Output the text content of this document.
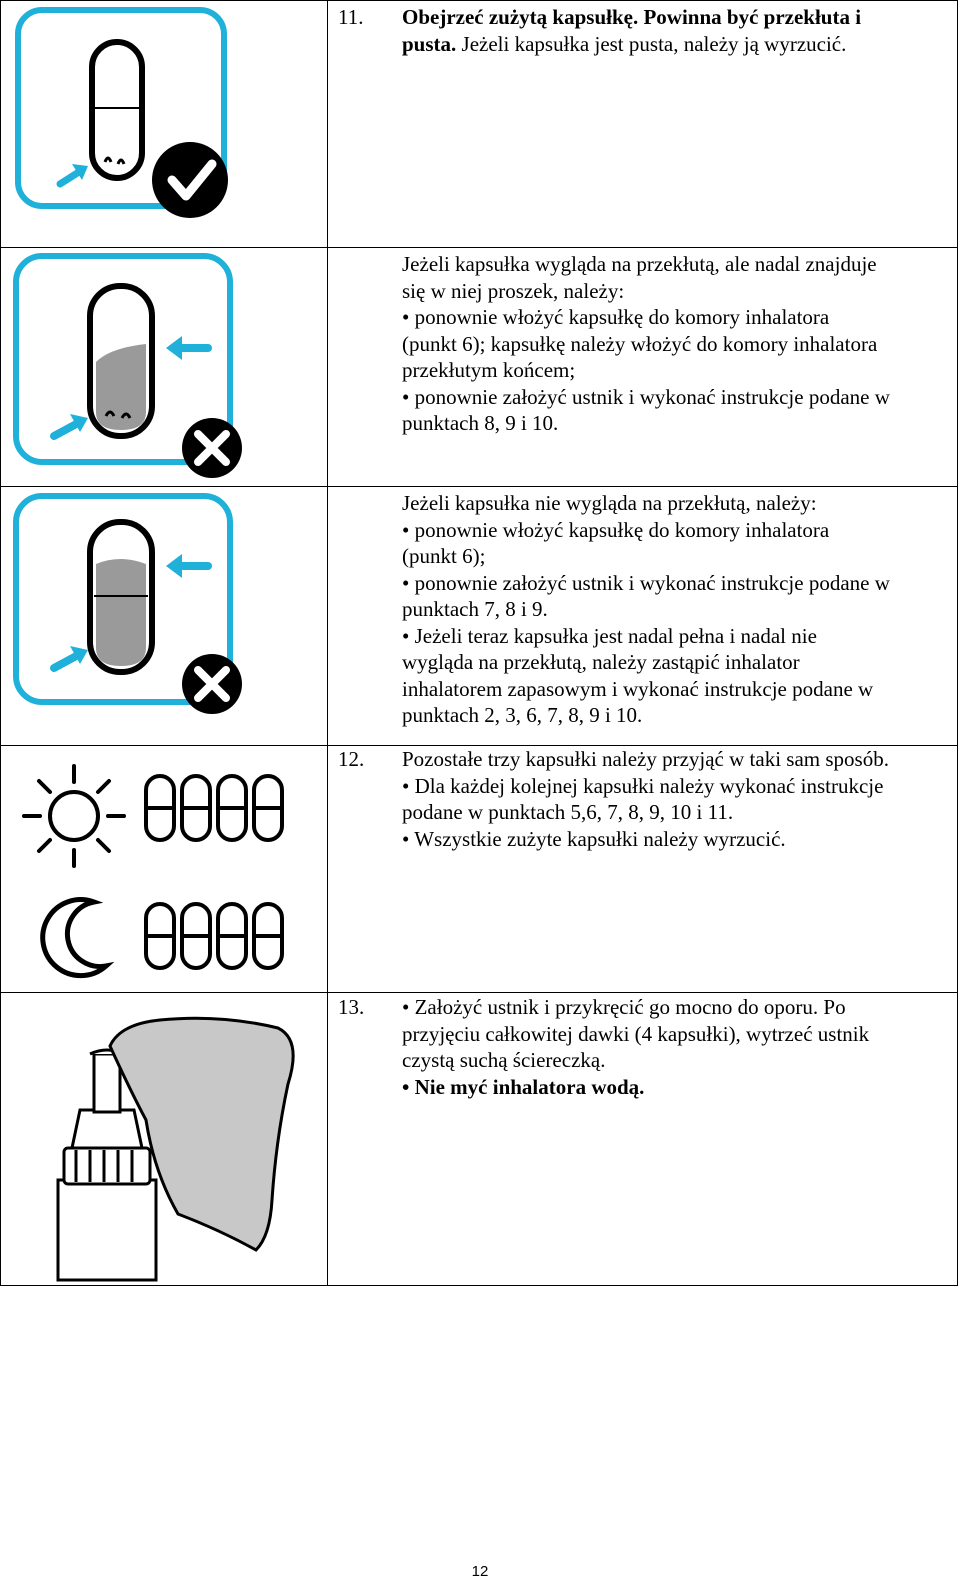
11. Obejrzeć zużytą kapsułkę. Powinna być przekłuta i

pusta. Jeżeli kapsułka jest pusta, należy ją wyrzucić.

Jeżeli kapsułka wygląda na przekłutą, ale nadal znajduje

się w niej proszek, należy:

• ponownie włożyć kapsułkę do komory inhalatora

(punkt 6); kapsułkę należy włożyć do komory inhalatora

przekłutym końcem;

• ponownie założyć ustnik i wykonać instrukcje podane w

punktach 8, 9 i 10.

Jeżeli kapsułka nie wygląda na przekłutą, należy:

• ponownie włożyć kapsułkę do komory inhalatora

(punkt 6);

• ponownie założyć ustnik i wykonać instrukcje podane w

punktach 7, 8 i 9.

• Jeżeli teraz kapsułka jest nadal pełna i nadal nie

wygląda na przekłutą, należy zastąpić inhalator

inhalatorem zapasowym i wykonać instrukcje podane w

punktach 2, 3, 6, 7, 8, 9 i 10.

12. Pozostałe trzy kapsułki należy przyjąć w taki sam sposób.

• Dla każdej kolejnej kapsułki należy wykonać instrukcje

podane w punktach 5,6, 7, 8, 9, 10 i 11.

• Wszystkie zużyte kapsułki należy wyrzucić.

13. • Założyć ustnik i przykręcić go mocno do oporu. Po

przyjęciu całkowitej dawki (4 kapsułki), wytrzeć ustnik

czystą suchą ściereczką.

• Nie myć inhalatora wodą.

12
